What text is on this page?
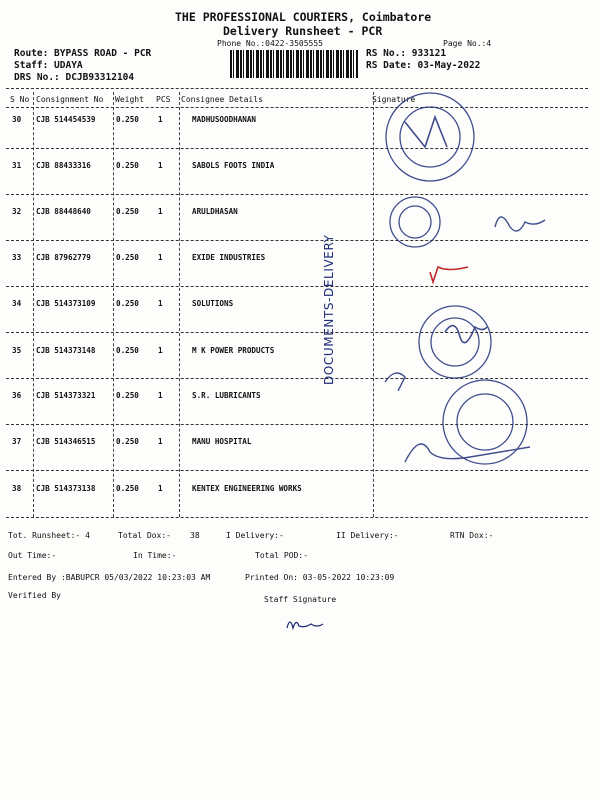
THE PROFESSIONAL COURIERS, Coimbatore
Delivery Runsheet - PCR
Phone No.:0422-3505555	Page No.:4
Route: BYPASS ROAD - PCR
Staff: UDAYA
DRS No.: DCJB93312104
RS No.: 933121
RS Date: 03-May-2022
S No Consignment No Weight PCS Consignee Details	Signature
30 CJB 514454539	0.250	1	MADHUSOODHANAN
31 CJB 88433316	0.250	1	SABOLS FOOTS INDIA
32 CJB 88448640	0.250	1	ARULDHASAN
33 CJB 87962779	0.250	1	EXIDE INDUSTRIES
34 CJB 514373109	0.250	1	SOLUTIONS
35 CJB 514373148	0.250	1	M K POWER PRODUCTS
36 CJB 514373321	0.250	1	S.R. LUBRICANTS
37 CJB 514346515	0.250	1	MANU HOSPITAL
38 CJB 514373138	0.250	1	KENTEX ENGINEERING WORKS
DOCUMENTS-DELIVERY
Tot. Runsheet:- 4	Total Dox:- 38	I Delivery:-	II Delivery:-	RTN Dox:-
Out Time:-	In Time:-	Total POD:-
Entered By :BABUPCR 05/03/2022 10:23:03 AM	Printed On: 03-05-2022 10:23:09
Verified By	Staff Signature
